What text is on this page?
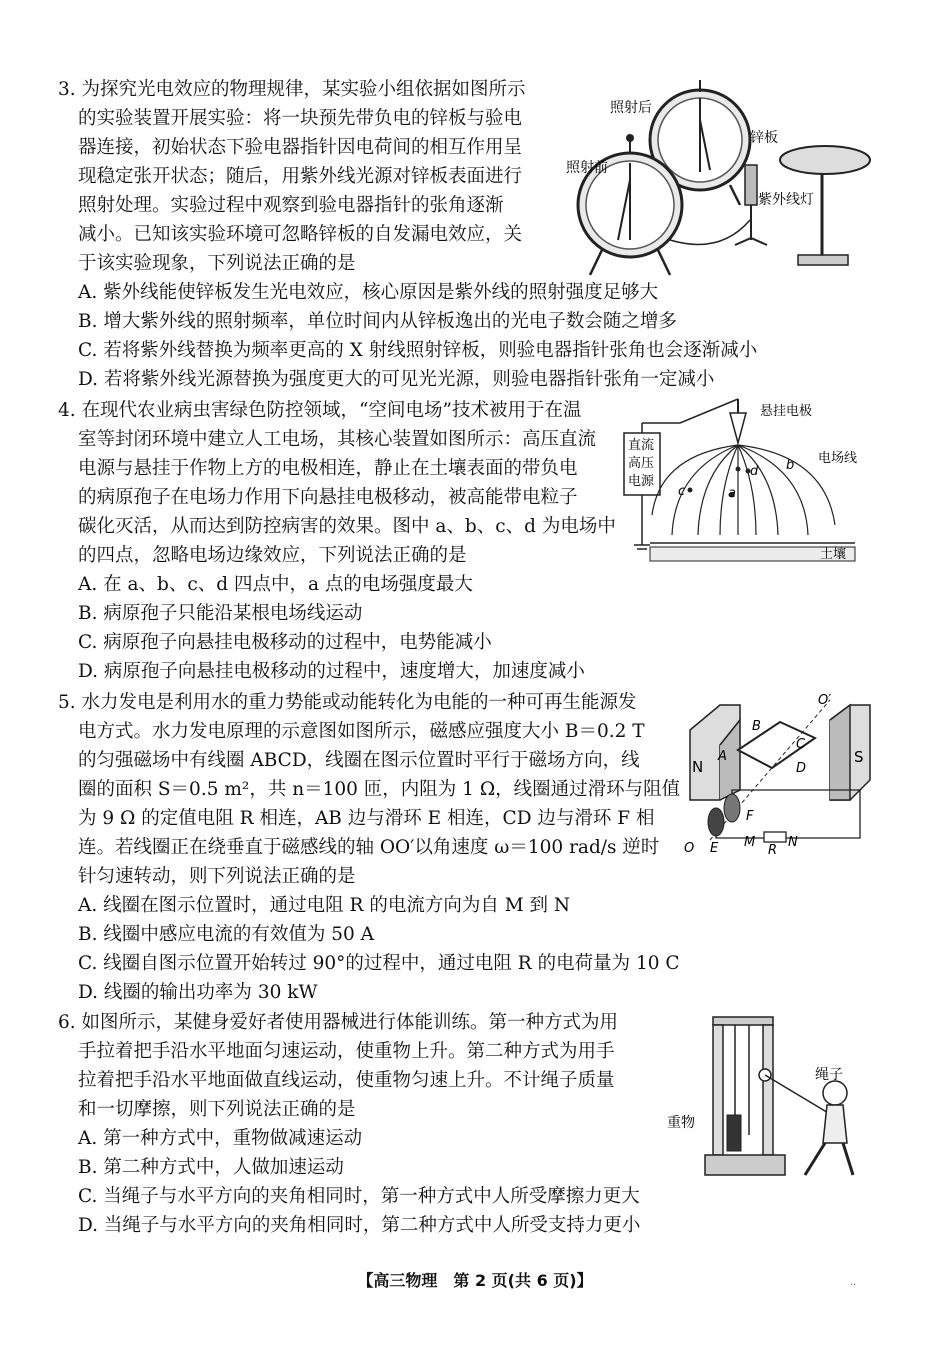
3. 为探究光电效应的物理规律，某实验小组依据如图所示
的实验装置开展实验：将一块预先带负电的锌板与验电
器连接，初始状态下验电器指针因电荷间的相互作用呈
现稳定张开状态；随后，用紫外线光源对锌板表面进行
照射处理。实验过程中观察到验电器指针的张角逐渐
减小。已知该实验环境可忽略锌板的自发漏电效应，关
于该实验现象，下列说法正确的是
A. 紫外线能使锌板发生光电效应，核心原因是紫外线的照射强度足够大
B. 增大紫外线的照射频率，单位时间内从锌板逸出的光电子数会随之增多
C. 若将紫外线替换为频率更高的 X 射线照射锌板，则验电器指针张角也会逐渐减小
D. 若将紫外线光源替换为强度更大的可见光光源，则验电器指针张角一定减小
照射后
照射前
锌板
紫外线灯
4. 在现代农业病虫害绿色防控领域，“空间电场”技术被用于在温
室等封闭环境中建立人工电场，其核心装置如图所示：高压直流
电源与悬挂于作物上方的电极相连，静止在土壤表面的带负电
的病原孢子在电场力作用下向悬挂电极移动，被高能带电粒子
碳化灭活，从而达到防控病害的效果。图中 a、b、c、d 为电场中
的四点，忽略电场边缘效应，下列说法正确的是
A. 在 a、b、c、d 四点中，a 点的电场强度最大
B. 病原孢子只能沿某根电场线运动
C. 病原孢子向悬挂电极移动的过程中，电势能减小
D. 病原孢子向悬挂电极移动的过程中，速度增大，加速度减小
直流
高压
电源
a
b
c
d
悬挂电极
电场线
土壤
5. 水力发电是利用水的重力势能或动能转化为电能的一种可再生能源发
电方式。水力发电原理的示意图如图所示，磁感应强度大小 B＝0.2 T
的匀强磁场中有线圈 ABCD，线圈在图示位置时平行于磁场方向，线
圈的面积 S＝0.5 m²，共 n＝100 匝，内阻为 1 Ω，线圈通过滑环与阻值
为 9 Ω 的定值电阻 R 相连，AB 边与滑环 E 相连，CD 边与滑环 F 相
连。若线圈正在绕垂直于磁感线的轴 OO′以角速度 ω＝100 rad/s 逆时
针匀速转动，则下列说法正确的是
A. 线圈在图示位置时，通过电阻 R 的电流方向为自 M 到 N
B. 线圈中感应电流的有效值为 50 A
C. 线圈自图示位置开始转过 90°的过程中，通过电阻 R 的电荷量为 10 C
D. 线圈的输出功率为 30 kW
N
S
A
B
C
D
O′
O E
F
M
R
N
6. 如图所示，某健身爱好者使用器械进行体能训练。第一种方式为用
手拉着把手沿水平地面匀速运动，使重物上升。第二种方式为用手
拉着把手沿水平地面做直线运动，使重物匀速上升。不计绳子质量
和一切摩擦，则下列说法正确的是
A. 第一种方式中，重物做减速运动
B. 第二种方式中，人做加速运动
C. 当绳子与水平方向的夹角相同时，第一种方式中人所受摩擦力更大
D. 当绳子与水平方向的夹角相同时，第二种方式中人所受支持力更小
绳子
重物
【高三物理　第 2 页(共 6 页)】	··
